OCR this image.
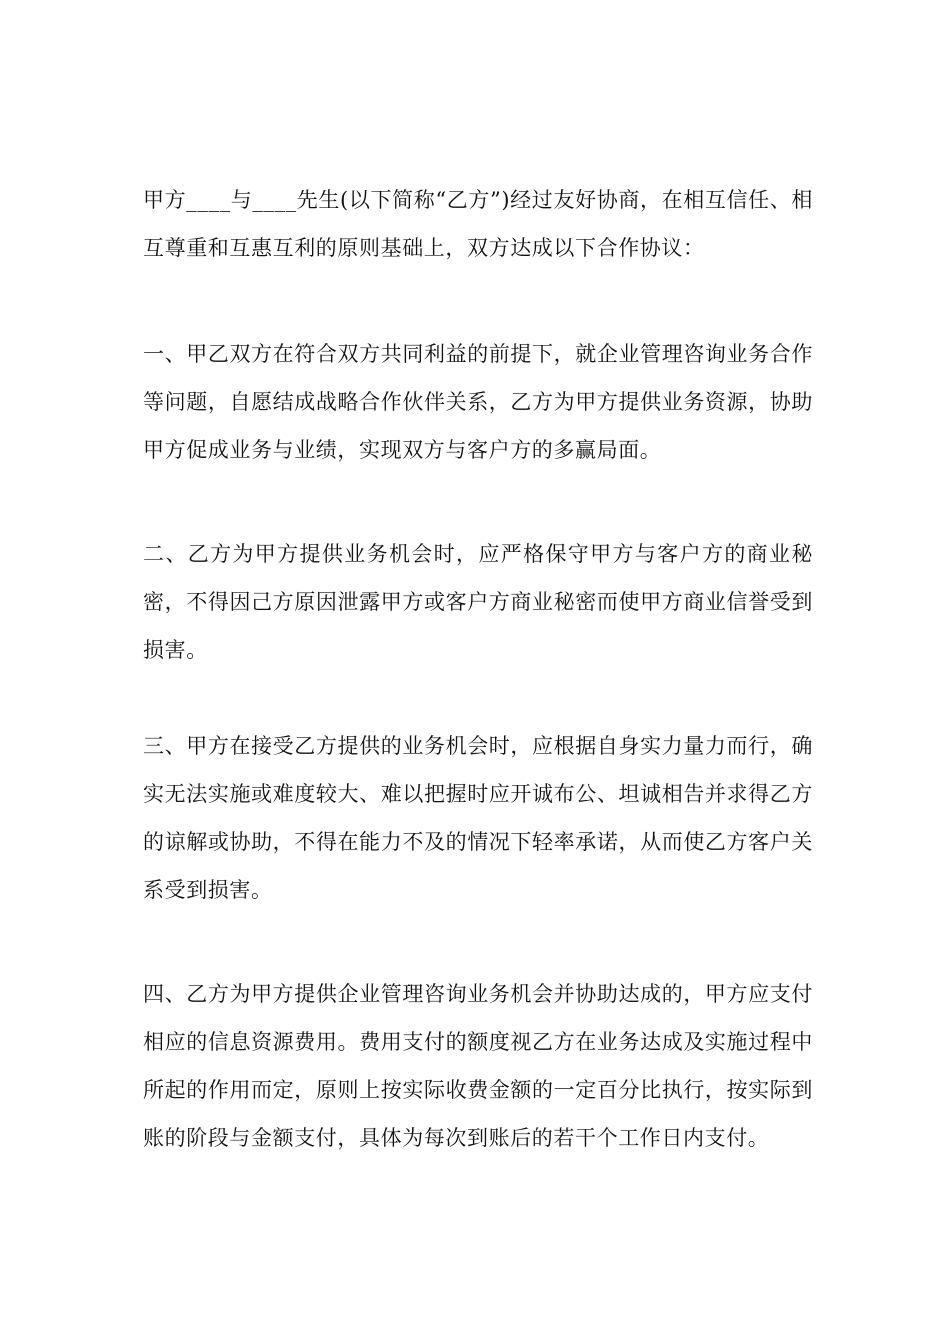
甲方____与____先生(以下简称“乙方”)经过友好协商，在相互信任、相互尊重和互惠互利的原则基础上，双方达成以下合作协议：

一、甲乙双方在符合双方共同利益的前提下，就企业管理咨询业务合作等问题，自愿结成战略合作伙伴关系，乙方为甲方提供业务资源，协助甲方促成业务与业绩，实现双方与客户方的多赢局面。

二、乙方为甲方提供业务机会时，应严格保守甲方与客户方的商业秘密，不得因己方原因泄露甲方或客户方商业秘密而使甲方商业信誉受到损害。

三、甲方在接受乙方提供的业务机会时，应根据自身实力量力而行，确实无法实施或难度较大、难以把握时应开诚布公、坦诚相告并求得乙方的谅解或协助，不得在能力不及的情况下轻率承诺，从而使乙方客户关系受到损害。

四、乙方为甲方提供企业管理咨询业务机会并协助达成的，甲方应支付相应的信息资源费用。费用支付的额度视乙方在业务达成及实施过程中所起的作用而定，原则上按实际收费金额的一定百分比执行，按实际到账的阶段与金额支付，具体为每次到账后的若干个工作日内支付。
